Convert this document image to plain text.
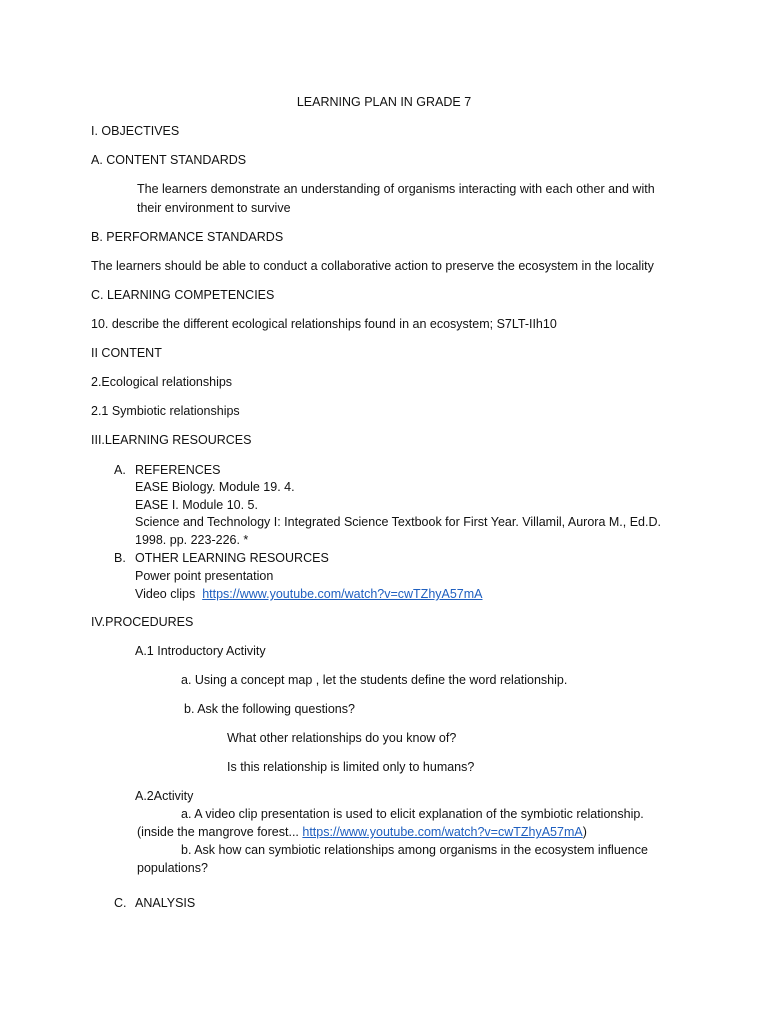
LEARNING PLAN IN GRADE 7
I. OBJECTIVES
A. CONTENT STANDARDS
The learners demonstrate an understanding of organisms interacting with each other and with
their environment to survive
B. PERFORMANCE STANDARDS
The learners should be able to conduct a collaborative action to preserve the ecosystem in the locality
C. LEARNING COMPETENCIES
10. describe the different ecological relationships found in an ecosystem; S7LT-IIh10
II CONTENT
2.Ecological relationships
2.1 Symbiotic relationships
III.LEARNING RESOURCES
A. REFERENCES
EASE Biology. Module 19. 4.
EASE I. Module 10. 5.
Science and Technology I: Integrated Science Textbook for First Year. Villamil, Aurora M., Ed.D.
1998. pp. 223-226. *
B. OTHER LEARNING RESOURCES
Power point presentation
Video clips https://www.youtube.com/watch?v=cwTZhyA57mA
IV.PROCEDURES
A.1 Introductory Activity
a. Using a concept map , let the students define the word relationship.
b. Ask the following questions?
What other relationships do you know of?
Is this relationship is limited only to humans?
A.2Activity
a. A video clip presentation is used to elicit explanation of the symbiotic relationship.
(inside the mangrove forest... https://www.youtube.com/watch?v=cwTZhyA57mA)
b. Ask how can symbiotic relationships among organisms in the ecosystem influence
populations?
C. ANALYSIS
